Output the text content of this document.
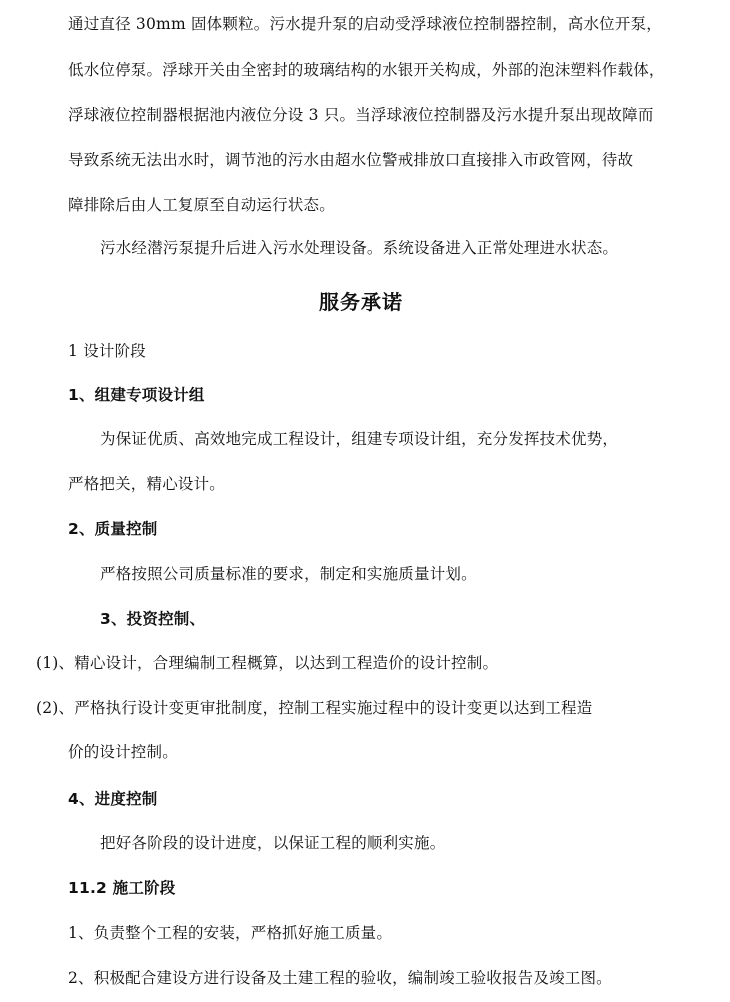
通过直径 30mm 固体颗粒。污水提升泵的启动受浮球液位控制器控制，高水位开泵，
低水位停泵。浮球开关由全密封的玻璃结构的水银开关构成，外部的泡沫塑料作载体，
浮球液位控制器根据池内液位分设 3 只。当浮球液位控制器及污水提升泵出现故障而
导致系统无法出水时，调节池的污水由超水位警戒排放口直接排入市政管网，待故
障排除后由人工复原至自动运行状态。
污水经潜污泵提升后进入污水处理设备。系统设备进入正常处理进水状态。
服务承诺
1 设计阶段
1、组建专项设计组
为保证优质、高效地完成工程设计，组建专项设计组，充分发挥技术优势，
严格把关，精心设计。
2、质量控制
严格按照公司质量标准的要求，制定和实施质量计划。
3、投资控制、
(1)、精心设计，合理编制工程概算，以达到工程造价的设计控制。
(2)、严格执行设计变更审批制度，控制工程实施过程中的设计变更以达到工程造
价的设计控制。
4、进度控制
把好各阶段的设计进度，以保证工程的顺利实施。
11.2 施工阶段
1、负责整个工程的安装，严格抓好施工质量。
2、积极配合建设方进行设备及土建工程的验收，编制竣工验收报告及竣工图。
